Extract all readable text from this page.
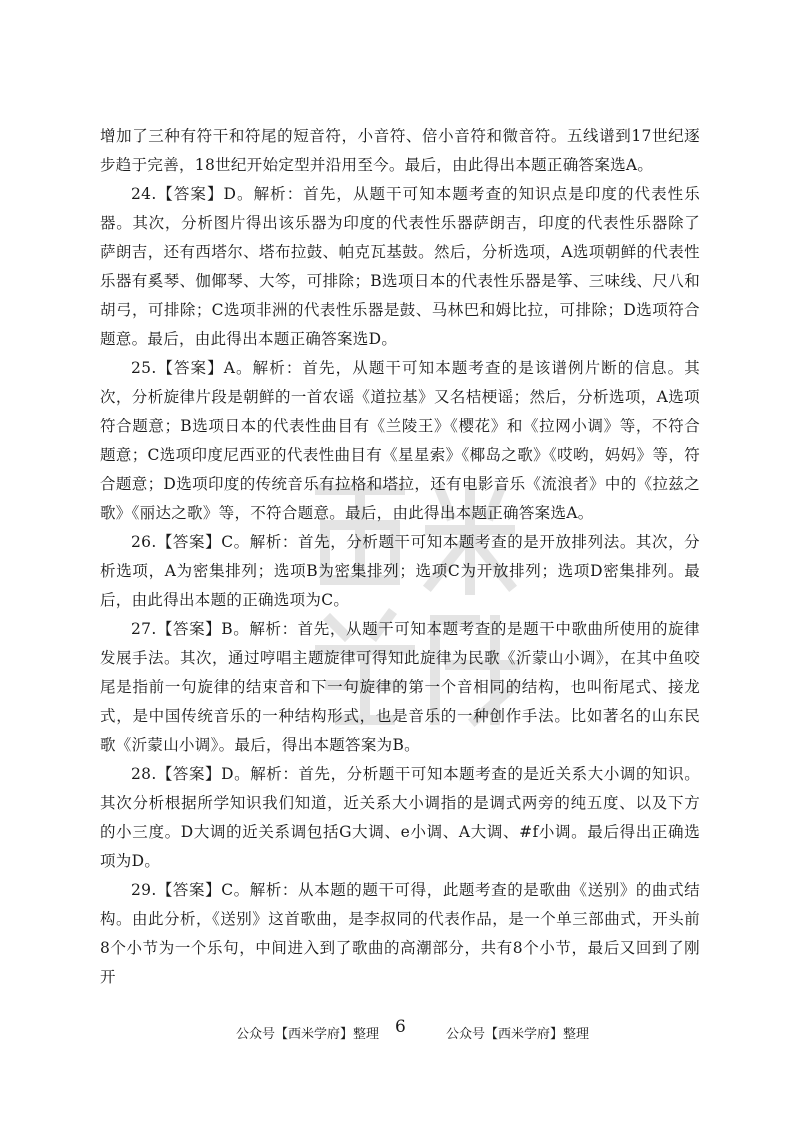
增加了三种有符干和符尾的短音符，小音符、倍小音符和微音符。五线谱到17世纪逐步趋于完善，18世纪开始定型并沿用至今。最后，由此得出本题正确答案选A。

24.【答案】D。解析：首先，从题干可知本题考查的知识点是印度的代表性乐器。其次，分析图片得出该乐器为印度的代表性乐器萨朗吉，印度的代表性乐器除了萨朗吉，还有西塔尔、塔布拉鼓、帕克瓦基鼓。然后，分析选项，A选项朝鲜的代表性乐器有奚琴、伽倻琴、大笒，可排除；B选项日本的代表性乐器是筝、三味线、尺八和胡弓，可排除；C选项非洲的代表性乐器是鼓、马林巴和姆比拉，可排除；D选项符合题意。最后，由此得出本题正确答案选D。

25.【答案】A。解析：首先，从题干可知本题考查的是该谱例片断的信息。其次，分析旋律片段是朝鲜的一首农谣《道拉基》又名桔梗谣；然后，分析选项，A选项符合题意；B选项日本的代表性曲目有《兰陵王》《樱花》和《拉网小调》等，不符合题意；C选项印度尼西亚的代表性曲目有《星星索》《椰岛之歌》《哎哟，妈妈》等，符合题意；D选项印度的传统音乐有拉格和塔拉，还有电影音乐《流浪者》中的《拉兹之歌》《丽达之歌》等，不符合题意。最后，由此得出本题正确答案选A。

26.【答案】C。解析：首先，分析题干可知本题考查的是开放排列法。其次，分析选项，A为密集排列；选项B为密集排列；选项C为开放排列；选项D密集排列。最后，由此得出本题的正确选项为C。

27.【答案】B。解析：首先，从题干可知本题考查的是题干中歌曲所使用的旋律发展手法。其次，通过哼唱主题旋律可得知此旋律为民歌《沂蒙山小调》，在其中鱼咬尾是指前一句旋律的结束音和下一句旋律的第一个音相同的结构，也叫衔尾式、接龙式，是中国传统音乐的一种结构形式，也是音乐的一种创作手法。比如著名的山东民歌《沂蒙山小调》。最后，得出本题答案为B。

28.【答案】D。解析：首先，分析题干可知本题考查的是近关系大小调的知识。其次分析根据所学知识我们知道，近关系大小调指的是调式两旁的纯五度、以及下方的小三度。D大调的近关系调包括G大调、e小调、A大调、#f小调。最后得出正确选项为D。

29.【答案】C。解析：从本题的题干可得，此题考查的是歌曲《送别》的曲式结构。由此分析，《送别》这首歌曲，是李叔同的代表作品，是一个单三部曲式，开头前8个小节为一个乐句，中间进入到了歌曲的高潮部分，共有8个小节，最后又回到了刚开

公众号【西米学府】整理 6	公众号【西米学府】整理
